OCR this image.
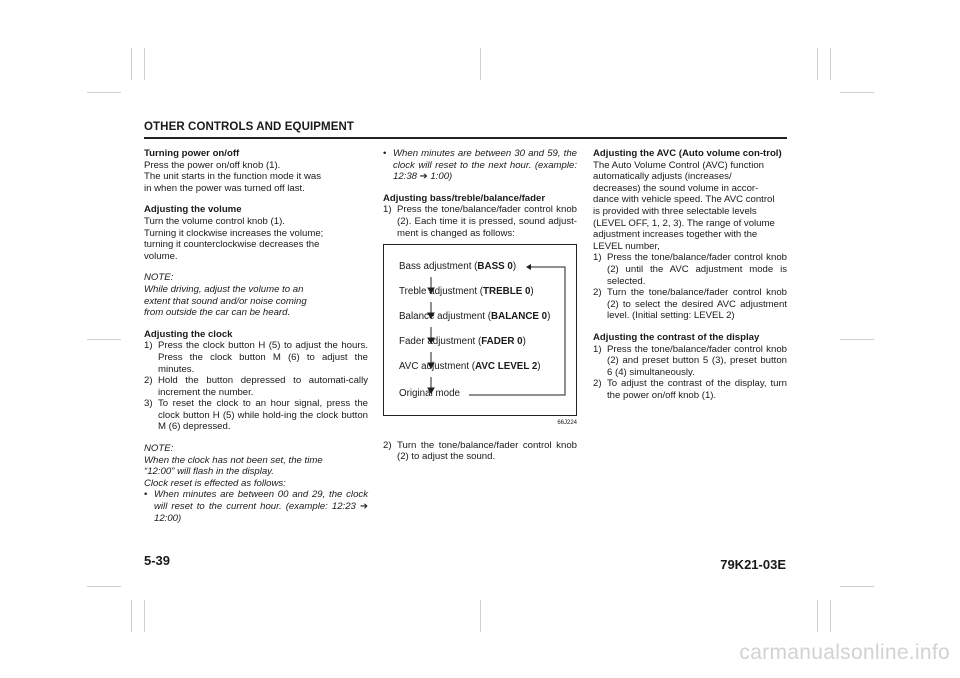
OTHER CONTROLS AND EQUIPMENT
Turning power on/off
Press the power on/off knob (1).
The unit starts in the function mode it was
in when the power was turned off last.
Adjusting the volume
Turn the volume control knob (1).
Turning it clockwise increases the volume;
turning it counterclockwise decreases the
volume.
NOTE:
While driving, adjust the volume to an
extent that sound and/or noise coming
from outside the car can be heard.
Adjusting the clock
1) Press the clock button H (5) to adjust the hours. Press the clock button M (6) to adjust the minutes.
2) Hold the button depressed to automati-cally increment the number.
3) To reset the clock to an hour signal, press the clock button H (5) while hold-ing the clock button M (6) depressed.
NOTE:
When the clock has not been set, the time
“12:00” will flash in the display.
Clock reset is effected as follows:
• When minutes are between 00 and 29, the clock will reset to the current hour. (example: 12:23 ➔ 12:00)
• When minutes are between 30 and 59, the clock will reset to the next hour. (example: 12:38 ➔ 1:00)
Adjusting bass/treble/balance/fader
1) Press the tone/balance/fader control knob (2). Each time it is pressed, sound adjust-ment is changed as follows:
Bass adjustment (BASS 0)
Treble adjustment (TREBLE 0)
Balance adjustment (BALANCE 0)
Fader adjustment (FADER 0)
AVC adjustment (AVC LEVEL 2)
Original mode
66J224
2) Turn the tone/balance/fader control knob (2) to adjust the sound.
Adjusting the AVC (Auto volume con-trol)
The Auto Volume Control (AVC) function
automatically adjusts (increases/
decreases) the sound volume in accor-
dance with vehicle speed. The AVC control
is provided with three selectable levels
(LEVEL OFF, 1, 2, 3). The range of volume
adjustment increases together with the
LEVEL number,
1) Press the tone/balance/fader control knob (2) until the AVC adjustment mode is selected.
2) Turn the tone/balance/fader control knob (2) to select the desired AVC adjustment level. (Initial setting: LEVEL 2)
Adjusting the contrast of the display
1) Press the tone/balance/fader control knob (2) and preset button 5 (3), preset button 6 (4) simultaneously.
2) To adjust the contrast of the display, turn the power on/off knob (1).
5-39	79K21-03E
carmanualsonline.info
